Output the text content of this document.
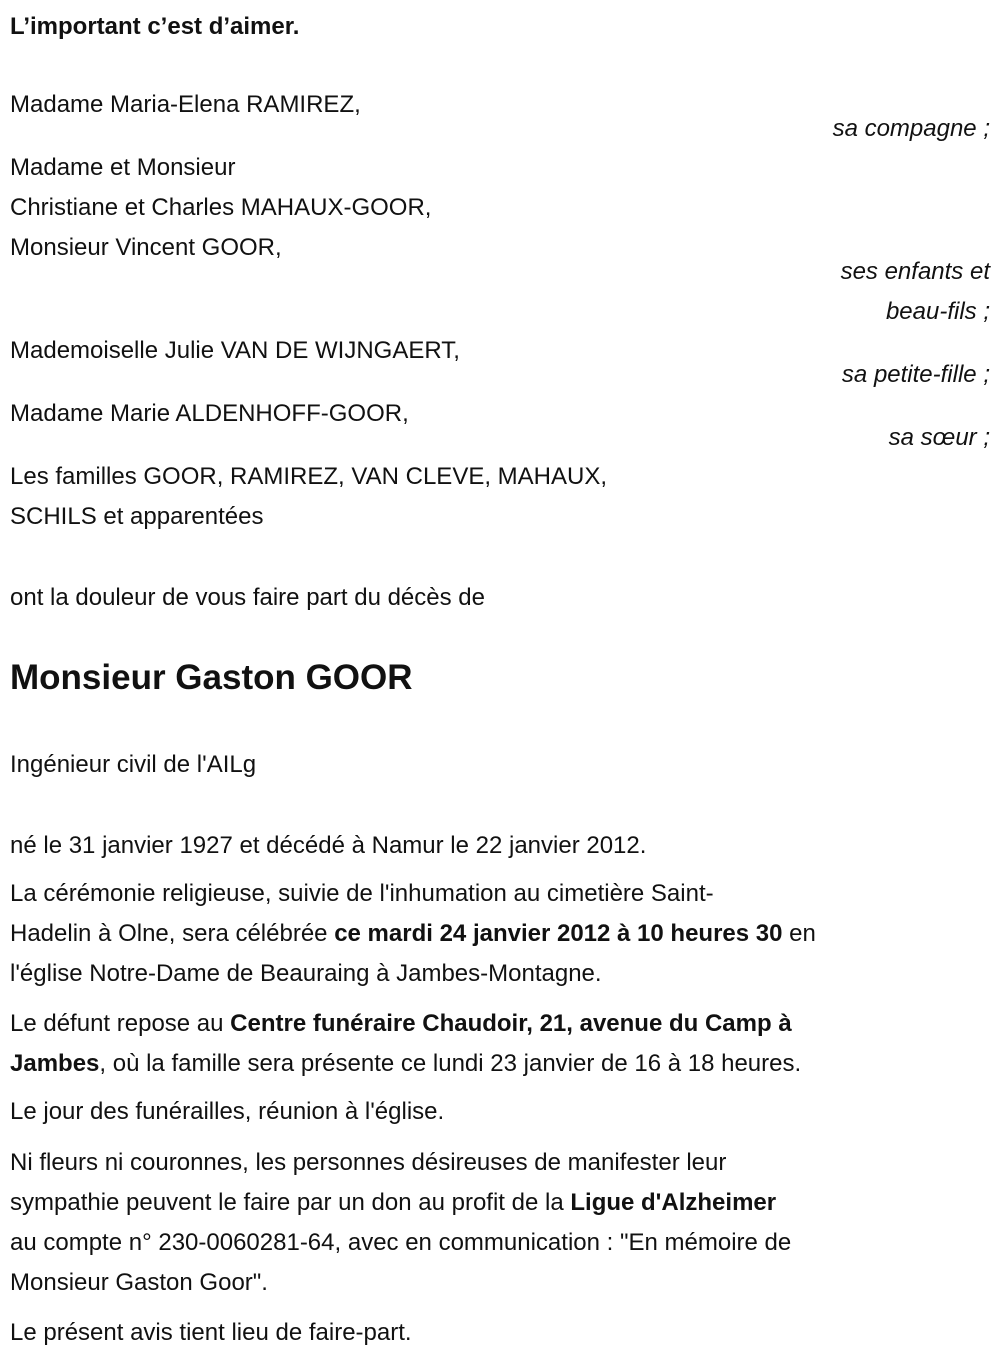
L’important c’est d’aimer.
Madame Maria-Elena RAMIREZ,
sa compagne ;
Madame et Monsieur
Christiane et Charles MAHAUX-GOOR,
Monsieur Vincent GOOR,
ses enfants et
beau-fils ;
Mademoiselle Julie VAN DE WIJNGAERT,
sa petite-fille ;
Madame Marie ALDENHOFF-GOOR,
sa sœur ;
Les familles GOOR, RAMIREZ, VAN CLEVE, MAHAUX,
SCHILS et apparentées
ont la douleur de vous faire part du décès de
Monsieur Gaston GOOR
Ingénieur civil de l'AILg
né le 31 janvier 1927 et décédé à Namur le 22 janvier 2012.
La cérémonie religieuse, suivie de l'inhumation au cimetière Saint-
Hadelin à Olne, sera célébrée ce mardi 24 janvier 2012 à 10 heures 30 en
l'église Notre-Dame de Beauraing à Jambes-Montagne.
Le défunt repose au Centre funéraire Chaudoir, 21, avenue du Camp à
Jambes, où la famille sera présente ce lundi 23 janvier de 16 à 18 heures.
Le jour des funérailles, réunion à l'église.
Ni fleurs ni couronnes, les personnes désireuses de manifester leur
sympathie peuvent le faire par un don au profit de la Ligue d'Alzheimer
au compte n° 230-0060281-64, avec en communication : "En mémoire de
Monsieur Gaston Goor".
Le présent avis tient lieu de faire-part.
